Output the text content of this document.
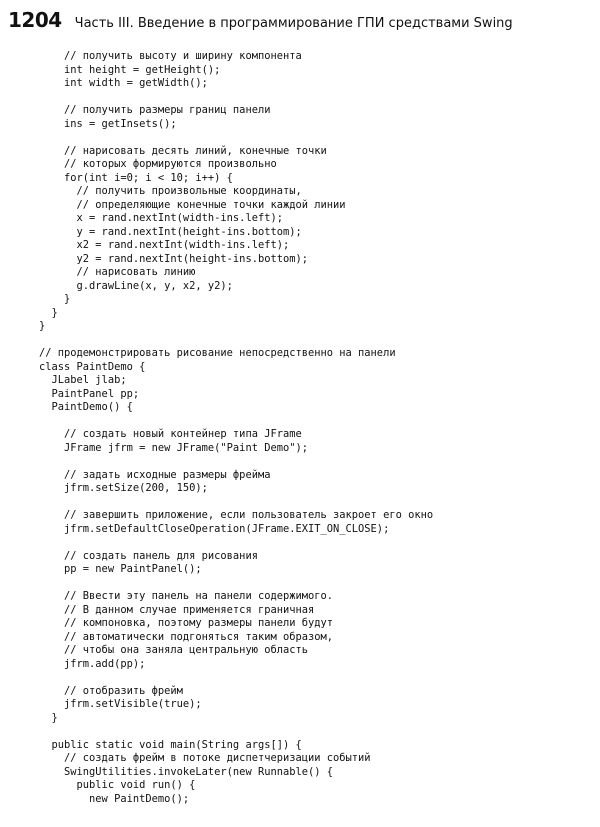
1204 Часть III. Введение в программирование ГПИ средствами Swing
// получить высоту и ширину компонента
int height = getHeight();
int width = getWidth();
// получить размеры границ панели
ins = getInsets();
// нарисовать десять линий, конечные точки
// которых формируются произвольно
for(int i=0; i < 10; i++) {
// получить произвольные координаты,
// определяющие конечные точки каждой линии
x = rand.nextInt(width-ins.left);
y = rand.nextInt(height-ins.bottom);
x2 = rand.nextInt(width-ins.left);
y2 = rand.nextInt(height-ins.bottom);
// нарисовать линию
g.drawLine(x, y, x2, y2);
}
}
}
// продемонстрировать рисование непосредственно на панели
class PaintDemo {
JLabel jlab;
PaintPanel pp;
PaintDemo() {
// создать новый контейнер типа JFrame
JFrame jfrm = new JFrame("Paint Demo");
// задать исходные размеры фрейма
jfrm.setSize(200, 150);
// завершить приложение, если пользователь закроет его окно
jfrm.setDefaultCloseOperation(JFrame.EXIT_ON_CLOSE);
// создать панель для рисования
pp = new PaintPanel();
// Ввести эту панель на панели содержимого.
// В данном случае применяется граничная
// компоновка, поэтому размеры панели будут
// автоматически подгоняться таким образом,
// чтобы она заняла центральную область
jfrm.add(pp);
// отобразить фрейм
jfrm.setVisible(true);
}
public static void main(String args[]) {
// создать фрейм в потоке диспетчеризации событий
SwingUtilities.invokeLater(new Runnable() {
public void run() {
new PaintDemo();
